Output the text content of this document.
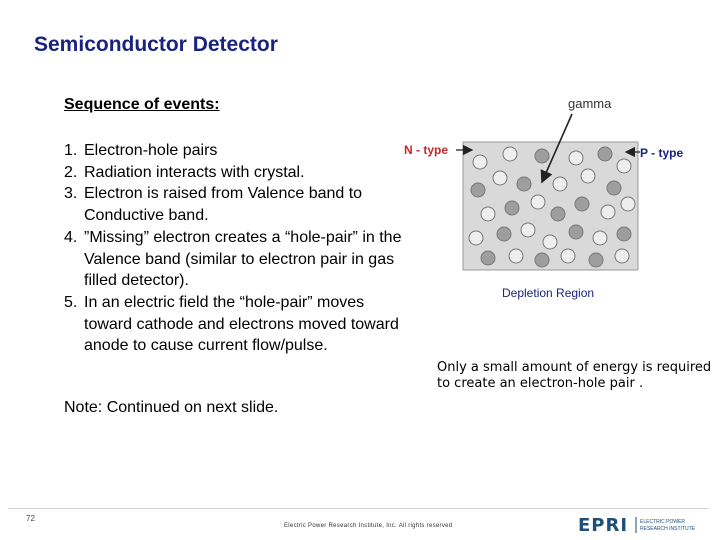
Semiconductor Detector
Sequence of events:
1. Electron-hole pairs
2. Radiation interacts with crystal.
3. Electron is raised from Valence band to Conductive band.
4. ”Missing” electron creates a “hole-pair” in the Valence band (similar to electron pair in gas filled detector).
5. In an electric field the “hole-pair” moves toward cathode and electrons moved toward anode to cause current flow/pulse.
Note: Continued on next slide.
gamma
N - type	P - type
Depletion Region
Only a small amount of energy is required to create an electron-hole pair .
72
Electric Power Research Institute, Inc. All rights reserved	EPRI ELECTRIC POWER
RESEARCH INSTITUTE
